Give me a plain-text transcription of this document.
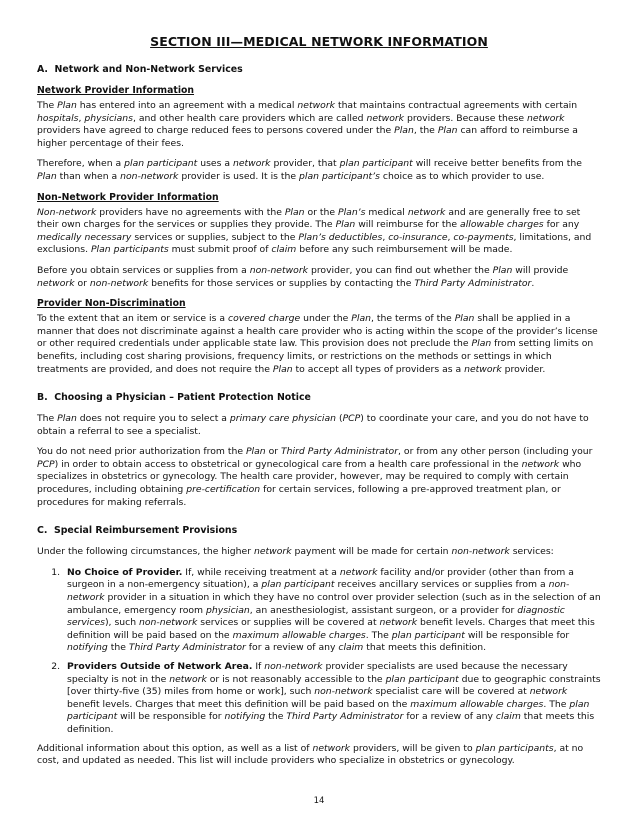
SECTION III—MEDICAL NETWORK INFORMATION
A.  Network and Non-Network Services
Network Provider Information

The Plan has entered into an agreement with a medical network that maintains contractual agreements with certain hospitals, physicians, and other health care providers which are called network providers. Because these network providers have agreed to charge reduced fees to persons covered under the Plan, the Plan can afford to reimburse a higher percentage of their fees.

Therefore, when a plan participant uses a network provider, that plan participant will receive better benefits from the Plan than when a non-network provider is used. It is the plan participant’s choice as to which provider to use.

Non-Network Provider Information

Non-network providers have no agreements with the Plan or the Plan’s medical network and are generally free to set their own charges for the services or supplies they provide. The Plan will reimburse for the allowable charges for any medically necessary services or supplies, subject to the Plan’s deductibles, co-insurance, co-payments, limitations, and exclusions. Plan participants must submit proof of claim before any such reimbursement will be made.

Before you obtain services or supplies from a non-network provider, you can find out whether the Plan will provide network or non-network benefits for those services or supplies by contacting the Third Party Administrator.

Provider Non-Discrimination

To the extent that an item or service is a covered charge under the Plan, the terms of the Plan shall be applied in a manner that does not discriminate against a health care provider who is acting within the scope of the provider’s license or other required credentials under applicable state law. This provision does not preclude the Plan from setting limits on benefits, including cost sharing provisions, frequency limits, or restrictions on the methods or settings in which treatments are provided, and does not require the Plan to accept all types of providers as a network provider.

B.  Choosing a Physician – Patient Protection Notice

The Plan does not require you to select a primary care physician (PCP) to coordinate your care, and you do not have to obtain a referral to see a specialist.

You do not need prior authorization from the Plan or Third Party Administrator, or from any other person (including your PCP) in order to obtain access to obstetrical or gynecological care from a health care professional in the network who specializes in obstetrics or gynecology. The health care provider, however, may be required to comply with certain procedures, including obtaining pre-certification for certain services, following a pre-approved treatment plan, or procedures for making referrals.

C.  Special Reimbursement Provisions

Under the following circumstances, the higher network payment will be made for certain non-network services:

1. No Choice of Provider. If, while receiving treatment at a network facility and/or provider (other than from a surgeon in a non-emergency situation), a plan participant receives ancillary services or supplies from a non-network provider in a situation in which they have no control over provider selection (such as in the selection of an ambulance, emergency room physician, an anesthesiologist, assistant surgeon, or a provider for diagnostic services), such non-network services or supplies will be covered at network benefit levels. Charges that meet this definition will be paid based on the maximum allowable charges. The plan participant will be responsible for notifying the Third Party Administrator for a review of any claim that meets this definition.
2. Providers Outside of Network Area. If non-network provider specialists are used because the necessary specialty is not in the network or is not reasonably accessible to the plan participant due to geographic constraints [over thirty-five (35) miles from home or work], such non-network specialist care will be covered at network benefit levels. Charges that meet this definition will be paid based on the maximum allowable charges. The plan participant will be responsible for notifying the Third Party Administrator for a review of any claim that meets this definition.

Additional information about this option, as well as a list of network providers, will be given to plan participants, at no cost, and updated as needed. This list will include providers who specialize in obstetrics or gynecology.

14
